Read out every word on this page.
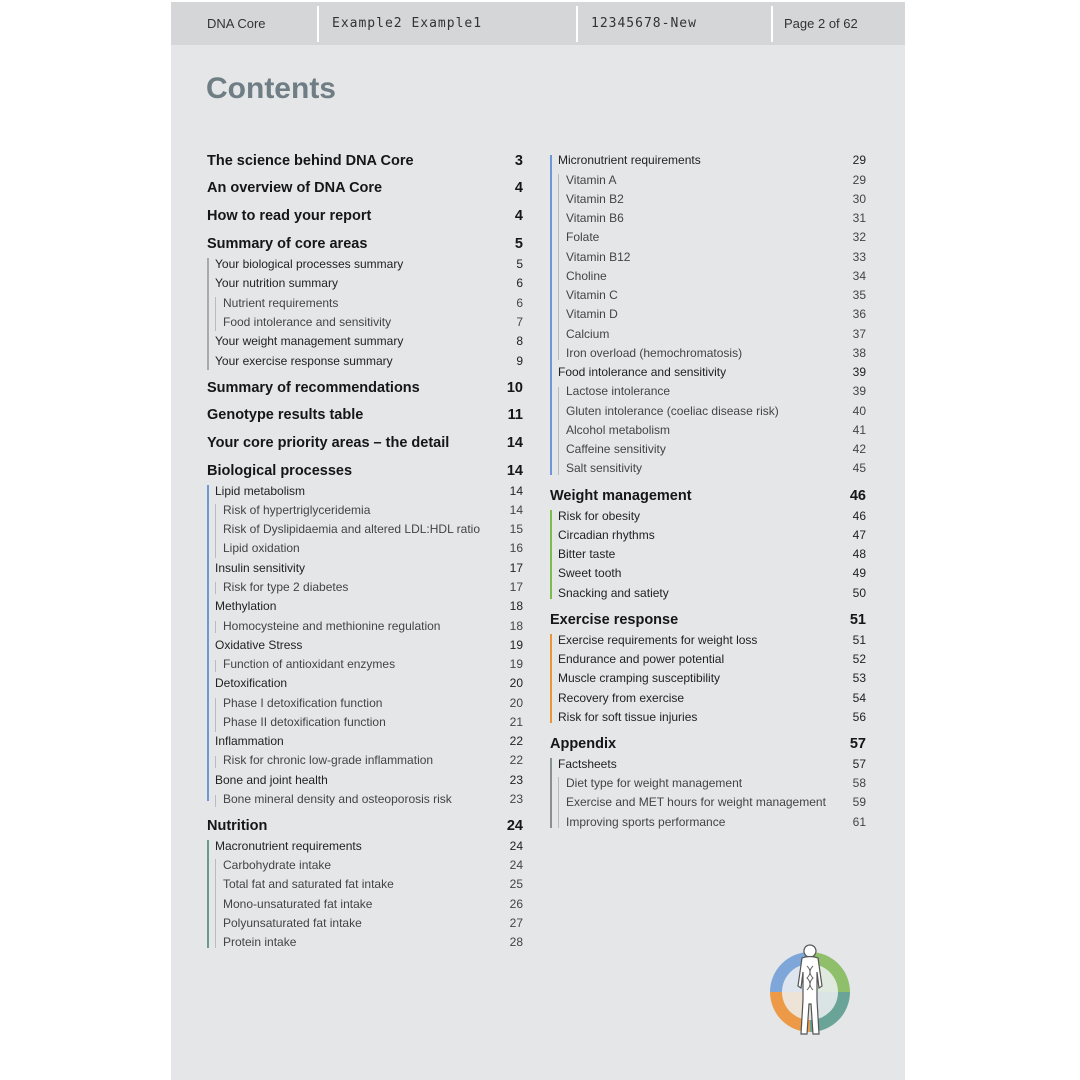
DNA Core	Example2 Example1	12345678-New	Page 2 of 62
Contents
The science behind DNA Core	3
An overview of DNA Core	4
How to read your report	4
Summary of core areas	5
Your biological processes summary	5
Your nutrition summary	6
Nutrient requirements	6
Food intolerance and sensitivity	7
Your weight management summary	8
Your exercise response summary	9
Summary of recommendations	10
Genotype results table	11
Your core priority areas – the detail	14
Biological processes	14
Lipid metabolism	14
Risk of hypertriglyceridemia	14
Risk of Dyslipidaemia and altered LDL:HDL ratio 15
Lipid oxidation	16
Insulin sensitivity	17
Risk for type 2 diabetes	17
Methylation	18
Homocysteine and methionine regulation	18
Oxidative Stress	19
Function of antioxidant enzymes	19
Detoxification	20
Phase I detoxification function	20
Phase II detoxification function	21
Inflammation	22
Risk for chronic low-grade inflammation	22
Bone and joint health	23
Bone mineral density and osteoporosis risk	23
Nutrition	24
Macronutrient requirements	24
Carbohydrate intake	24
Total fat and saturated fat intake	25
Mono-unsaturated fat intake	26
Polyunsaturated fat intake	27
Protein intake	28
Micronutrient requirements	29
Vitamin A	29
Vitamin B2	30
Vitamin B6	31
Folate	32
Vitamin B12	33
Choline	34
Vitamin C	35
Vitamin D	36
Calcium	37
Iron overload (hemochromatosis)	38
Food intolerance and sensitivity	39
Lactose intolerance	39
Gluten intolerance (coeliac disease risk)	40
Alcohol metabolism	41
Caffeine sensitivity	42
Salt sensitivity	45
Weight management	46
Risk for obesity	46
Circadian rhythms	47
Bitter taste	48
Sweet tooth	49
Snacking and satiety	50
Exercise response	51
Exercise requirements for weight loss	51
Endurance and power potential	52
Muscle cramping susceptibility	53
Recovery from exercise	54
Risk for soft tissue injuries	56
Appendix	57
Factsheets	57
Diet type for weight management	58
Exercise and MET hours for weight management 59
Improving sports performance	61
